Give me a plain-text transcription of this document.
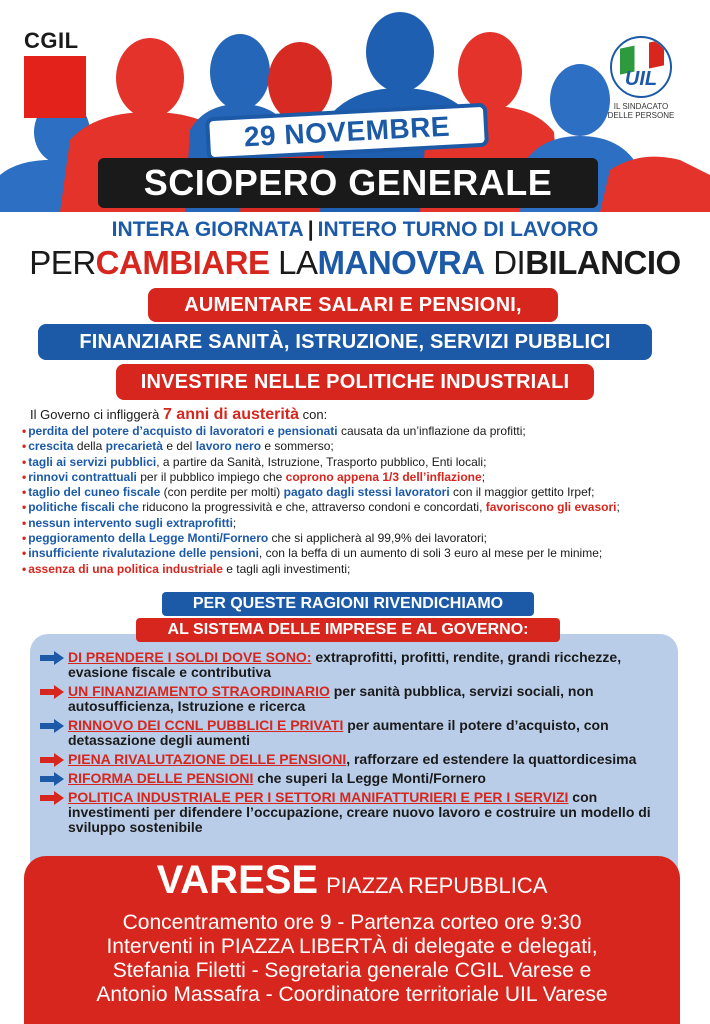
CGIL
UIL
IL SINDACATO DELLE PERSONE
29 NOVEMBRE
SCIOPERO GENERALE
INTERA GIORNATA | INTERO TURNO DI LAVORO
PERCAMBIARE LAMANOVRA DIBILANCIO
AUMENTARE SALARI E PENSIONI,
FINANZIARE SANITÀ, ISTRUZIONE, SERVIZI PUBBLICI
INVESTIRE NELLE POLITICHE INDUSTRIALI
Il Governo ci infliggerà 7 anni di austerità con:
• perdita del potere d’acquisto di lavoratori e pensionati causata da un’inflazione da profitti;
• crescita della precarietà e del lavoro nero e sommerso;
• tagli ai servizi pubblici, a partire da Sanità, Istruzione, Trasporto pubblico, Enti locali;
• rinnovi contrattuali per il pubblico impiego che coprono appena 1/3 dell’inflazione;
• taglio del cuneo fiscale (con perdite per molti) pagato dagli stessi lavoratori con il maggior gettito Irpef;
• politiche fiscali che riducono la progressività e che, attraverso condoni e concordati, favoriscono gli evasori;
• nessun intervento sugli extraprofitti;
• peggioramento della Legge Monti/Fornero che si applicherà al 99,9% dei lavoratori;
• insufficiente rivalutazione delle pensioni, con la beffa di un aumento di soli 3 euro al mese per le minime;
• assenza di una politica industriale e tagli agli investimenti;
PER QUESTE RAGIONI RIVENDICHIAMO
AL SISTEMA DELLE IMPRESE E AL GOVERNO:
DI PRENDERE I SOLDI DOVE SONO: extraprofitti, profitti, rendite, grandi ricchezze, evasione fiscale e contributiva
UN FINANZIAMENTO STRAORDINARIO per sanità pubblica, servizi sociali, non autosufficienza, Istruzione e ricerca
RINNOVO DEI CCNL PUBBLICI E PRIVATI per aumentare il potere d’acquisto, con detassazione degli aumenti
PIENA RIVALUTAZIONE DELLE PENSIONI, rafforzare ed estendere la quattordicesima
RIFORMA DELLE PENSIONI che superi la Legge Monti/Fornero
POLITICA INDUSTRIALE PER I SETTORI MANIFATTURIERI E PER I SERVIZI con investimenti per difendere l’occupazione, creare nuovo lavoro e costruire un modello di sviluppo sostenibile
VARESE PIAZZA REPUBBLICA
Concentramento ore 9 - Partenza corteo ore 9:30
Interventi in PIAZZA LIBERTÀ di delegate e delegati,
Stefania Filetti - Segretaria generale CGIL Varese e
Antonio Massafra - Coordinatore territoriale UIL Varese
